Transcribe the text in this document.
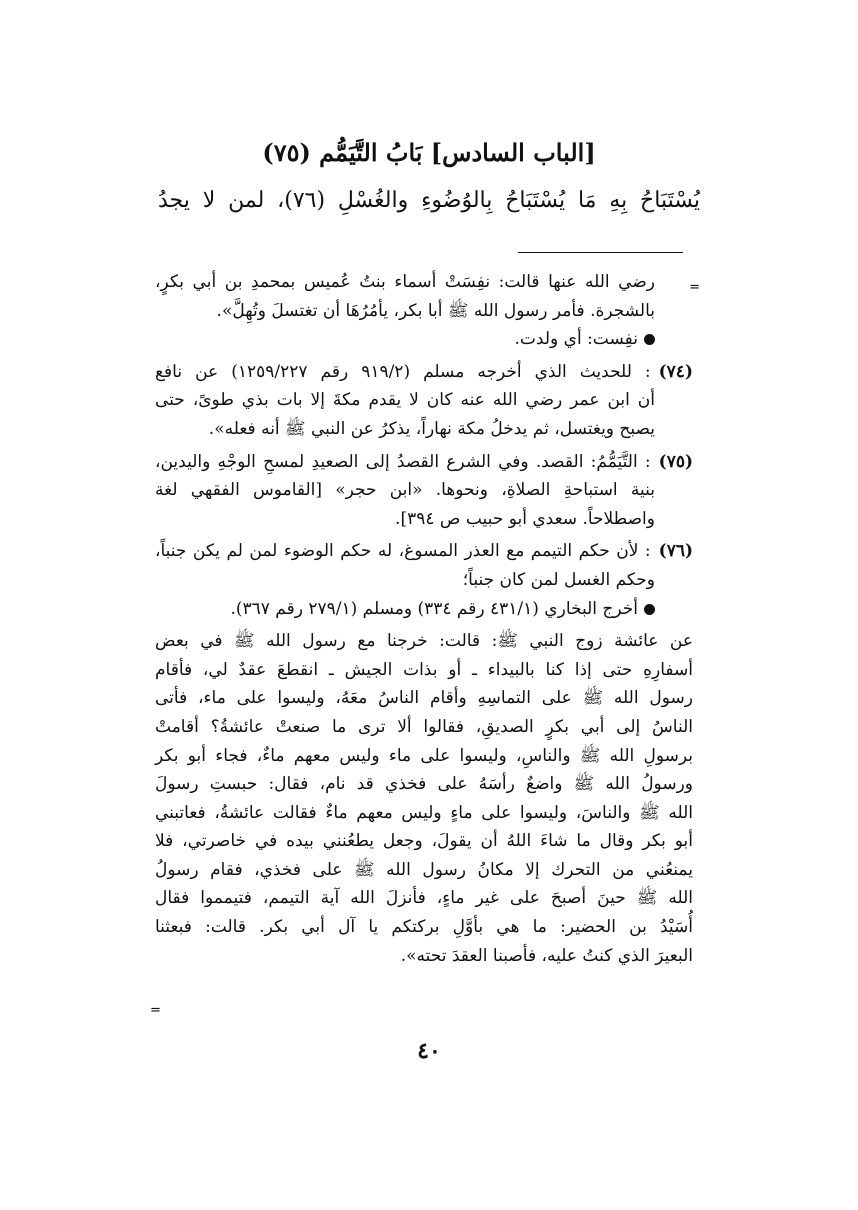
[الباب السادس] بَابُ التَّيَمُّم (٧٥)
يُسْتَبَاحُ بِهِ مَا يُسْتَبَاحُ بِالوُضُوءِ والغُسْلِ (٧٦)، لمن لا يجدُ
=
رضي الله عنها قالت: نفِسَتْ أسماء بنتُ عُميس بمحمدِ بن أبي بكرٍ،
بالشجرة. فأمر رسول الله ﷺ أبا بكر، يأمُرُهَا أن تغتسلَ وتُهِلَّ».
نفِست: أي ولدت.
(٧٤): للحديث الذي أخرجه مسلم (٩١٩/٢ رقم ١٢٥٩/٢٢٧) عن نافع
أن ابن عمر رضي الله عنه كان لا يقدم مكةَ إلا بات بذي طوىً، حتى
يصبح ويغتسل، ثم يدخلُ مكة نهاراً، يذكرُ عن النبي ﷺ أنه فعله».
(٧٥): التَّيَمُّمُ: القصد. وفي الشرع القصدُ إلى الصعيدِ لمسحِ الوجْهِ واليدين،
بنية استباحةِ الصلاةِ، ونحوها. «ابن حجر» [القاموس الفقهي لغة
واصطلاحاً. سعدي أبو حبيب ص ٣٩٤].
(٧٦): لأن حكم التيمم مع العذر المسوغ، له حكم الوضوء لمن لم يكن جنباً،
وحكم الغسل لمن كان جنباً؛
أخرج البخاري (٤٣١/١ رقم ٣٣٤) ومسلم (٢٧٩/١ رقم ٣٦٧).
عن عائشة زوج النبي ﷺ: قالت: خرجنا مع رسول الله ﷺ في بعض
أسفارِهِ حتى إذا كنا بالبيداء ـ أو بذات الجيش ـ انقطعَ عقدٌ لي، فأقام
رسول الله ﷺ على التماسِهِ وأقام الناسُ معَهُ، وليسوا على ماء، فأتى
الناسُ إلى أبي بكرٍ الصديقِ، فقالوا ألا ترى ما صنعتْ عائشةُ؟ أقامتْ
برسولِ الله ﷺ والناسِ، وليسوا على ماء وليس معهم ماءٌ، فجاء أبو بكر
ورسولُ الله ﷺ واضعٌ رأسَهُ على فخذي قد نام، فقال: حبستِ رسولَ
الله ﷺ والناسَ، وليسوا على ماءٍ وليس معهم ماءٌ فقالت عائشةُ، فعاتبني
أبو بكر وقال ما شاءَ اللهُ أن يقولَ، وجعل يطعُنني بيده في خاصرتي، فلا
يمنعُني من التحرك إلا مكانُ رسول الله ﷺ على فخذي، فقام رسولُ
الله ﷺ حينَ أصبحَ على غير ماءٍ، فأنزلَ الله آية التيمم، فتيمموا فقال
أُسَيْدُ بن الحضير: ما هي بأوَّلِ بركتكم يا آل أبي بكر. قالت: فبعثنا
البعيرَ الذي كنتُ عليه، فأصبنا العقدَ تحته».
=
٤٠
